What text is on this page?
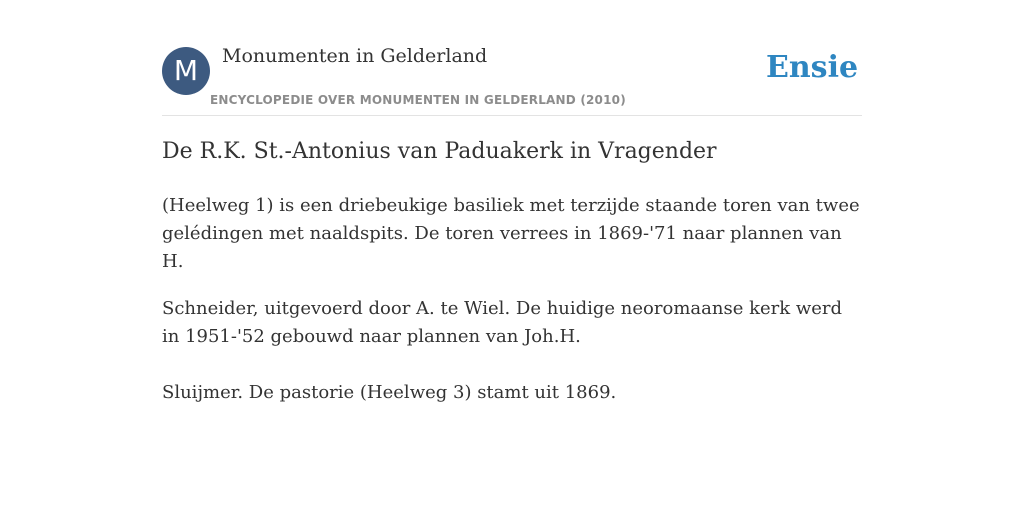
M	Monumenten in Gelderland
ENCYCLOPEDIE OVER MONUMENTEN IN GELDERLAND (2010)
Ensie
De R.K. St.-Antonius van Paduakerk in Vragender

(Heelweg 1) is een driebeukige basiliek met terzijde staande toren van twee gelédingen met naaldspits. De toren verrees in 1869-'71 naar plannen van H.

Schneider, uitgevoerd door A. te Wiel. De huidige neoromaanse kerk werd in 1951-'52 gebouwd naar plannen van Joh.H.

Sluijmer. De pastorie (Heelweg 3) stamt uit 1869.
